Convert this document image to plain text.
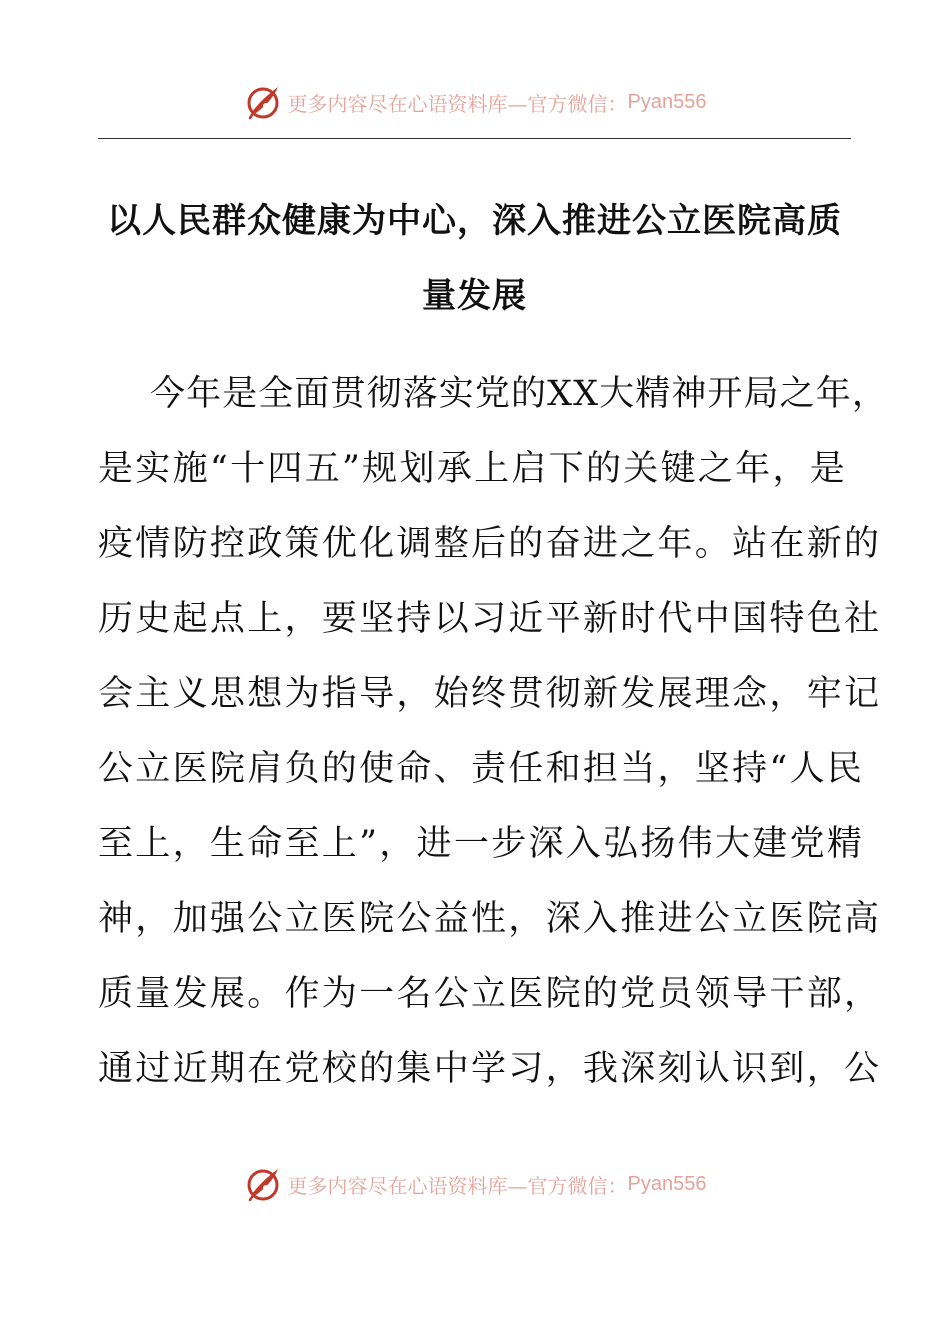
更多内容尽在心语资料库—官方微信： Pyan556
以人民群众健康为中心，深入推进公立医院高质
量发展

今年是全面贯彻落实党的XX大精神开局之年，
是实施“十四五”规划承上启下的关键之年，是
疫情防控政策优化调整后的奋进之年。站在新的
历史起点上，要坚持以习近平新时代中国特色社
会主义思想为指导，始终贯彻新发展理念，牢记
公立医院肩负的使命、责任和担当，坚持“人民
至上，生命至上”，进一步深入弘扬伟大建党精
神，加强公立医院公益性，深入推进公立医院高
质量发展。作为一名公立医院的党员领导干部，
通过近期在党校的集中学习，我深刻认识到，公

更多内容尽在心语资料库—官方微信： Pyan556
